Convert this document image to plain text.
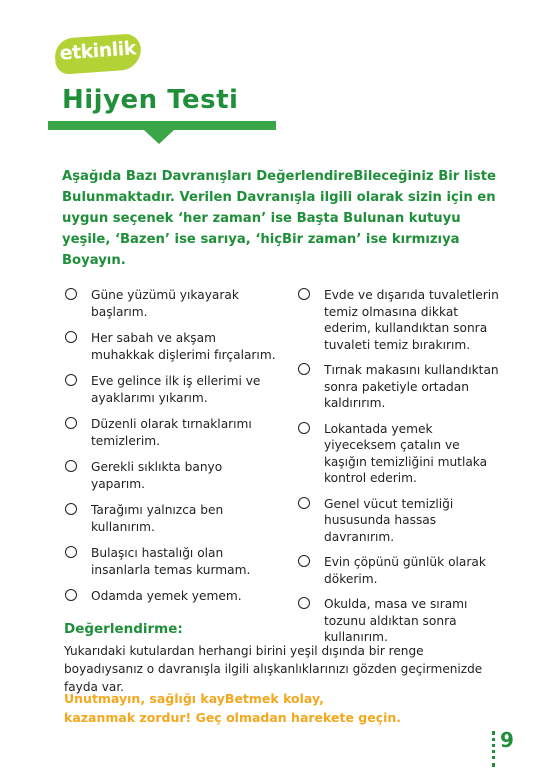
etkinlik
Hijyen Testi

Aşağıda Bazı Davranışları DeğerlendireBileceğiniz Bir liste Bulunmaktadır. Verilen Davranışla ilgili olarak sizin için en uygun seçenek ‘her zaman’ ise Başta Bulunan kutuyu yeşile, ‘Bazen’ ise sarıya, ‘hiçBir zaman’ ise kırmızıya Boyayın.

Güne yüzümü yıkayarak başlarım.
Her sabah ve akşam muhakkak dişlerimi fırçalarım.
Eve gelince ilk iş ellerimi ve ayaklarımı yıkarım.
Düzenli olarak tırnaklarımı temizlerim.
Gerekli sıklıkta banyo yaparım.
Tarağımı yalnızca ben kullanırım.
Bulaşıcı hastalığı olan insanlarla temas kurmam.
Odamda yemek yemem.
Evde ve dışarıda tuvaletlerin temiz olmasına dikkat ederim, kullandıktan sonra tuvaleti temiz bırakırım.
Tırnak makasını kullandıktan sonra paketiyle ortadan kaldırırım.
Lokantada yemek yiyeceksem çatalın ve kaşığın temizliğini mutlaka kontrol ederim.
Genel vücut temizliği hususunda hassas davranırım.
Evin çöpünü günlük olarak dökerim.
Okulda, masa ve sıramı tozunu aldıktan sonra kullanırım.
Değerlendirme:

Yukarıdaki kutulardan herhangi birini yeşil dışında bir renge boyadıysanız o davranışla ilgili alışkanlıklarınızı gözden geçirmenizde fayda var.

Unutmayın, sağlığı kayBetmek kolay,
kazanmak zordur! Geç olmadan harekete geçin.

9
